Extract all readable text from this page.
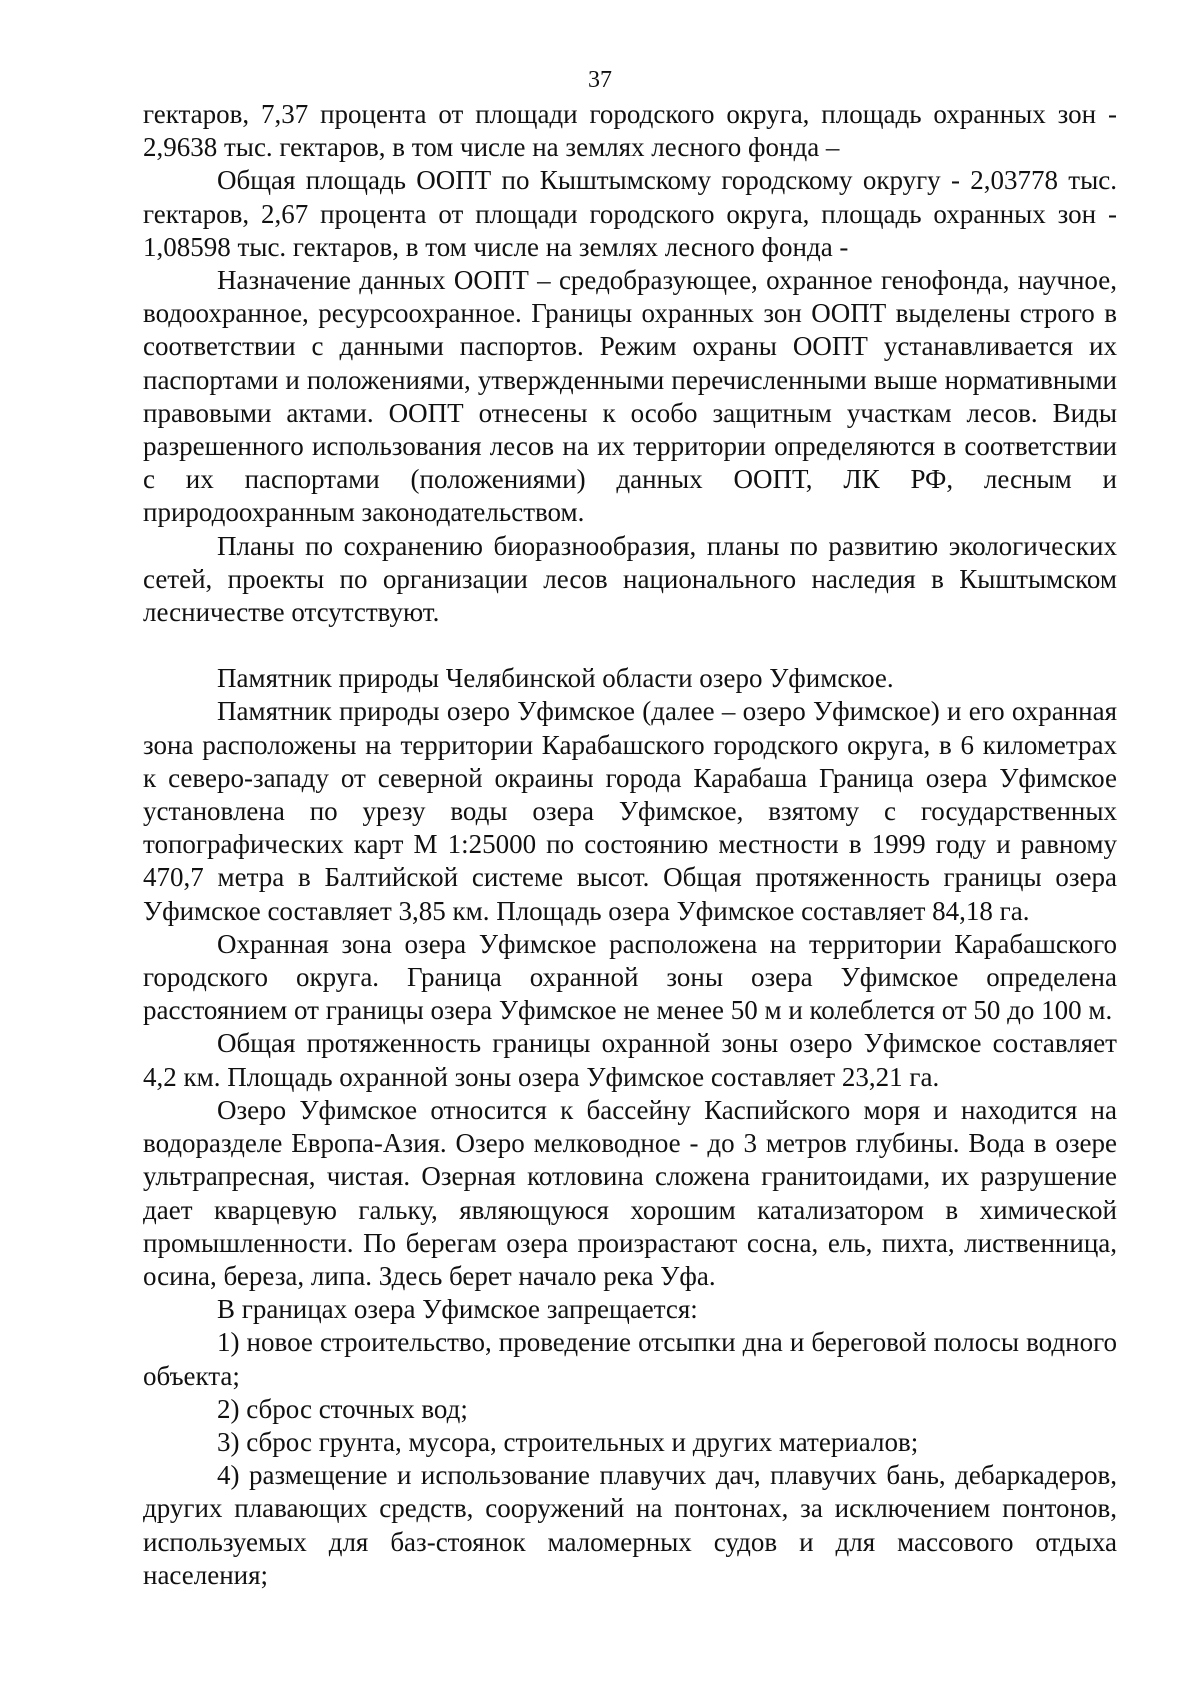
37

гектаров, 7,37 процента от площади городского округа, площадь охранных зон - 2,9638 тыс. гектаров, в том числе на землях лесного фонда –

Общая площадь ООПТ по Кыштымскому городскому округу - 2,03778 тыс. гектаров, 2,67 процента от площади городского округа, площадь охранных зон - 1,08598 тыс. гектаров, в том числе на землях лесного фонда -

Назначение данных ООПТ – средобразующее, охранное генофонда, научное, водоохранное, ресурсоохранное. Границы охранных зон ООПТ выделены строго в соответствии с данными паспортов. Режим охраны ООПТ устанавливается их паспортами и положениями, утвержденными перечисленными выше нормативными правовыми актами. ООПТ отнесены к особо защитным участкам лесов. Виды разрешенного использования лесов на их территории определяются в соответствии с их паспортами (положениями) данных ООПТ, ЛК РФ, лесным и природоохранным законодательством.

Планы по сохранению биоразнообразия, планы по развитию экологических сетей, проекты по организации лесов национального наследия в Кыштымском лесничестве отсутствуют.

Памятник природы Челябинской области озеро Уфимское.

Памятник природы озеро Уфимское (далее – озеро Уфимское) и его охранная зона расположены на территории Карабашского городского округа, в 6 километрах к северо-западу от северной окраины города Карабаша Граница озера Уфимское установлена по урезу воды озера Уфимское, взятому с государственных топографических карт М 1:25000 по состоянию местности в 1999 году и равному 470,7 метра в Балтийской системе высот. Общая протяженность границы озера Уфимское составляет 3,85 км. Площадь озера Уфимское составляет 84,18 га.

Охранная зона озера Уфимское расположена на территории Карабашского городского округа. Граница охранной зоны озера Уфимское определена расстоянием от границы озера Уфимское не менее 50 м и колеблется от 50 до 100 м.

Общая протяженность границы охранной зоны озеро Уфимское составляет 4,2 км. Площадь охранной зоны озера Уфимское составляет 23,21 га.

Озеро Уфимское относится к бассейну Каспийского моря и находится на водоразделе Европа-Азия. Озеро мелководное - до 3 метров глубины. Вода в озере ультрапресная, чистая. Озерная котловина сложена гранитоидами, их разрушение дает кварцевую гальку, являющуюся хорошим катализатором в химической промышленности. По берегам озера произрастают сосна, ель, пихта, лиственница, осина, береза, липа. Здесь берет начало река Уфа.

В границах озера Уфимское запрещается:

1) новое строительство, проведение отсыпки дна и береговой полосы водного объекта;

2) сброс сточных вод;

3) сброс грунта, мусора, строительных и других материалов;

4) размещение и использование плавучих дач, плавучих бань, дебаркадеров, других плавающих средств, сооружений на понтонах, за исключением понтонов, используемых для баз-стоянок маломерных судов и для массового отдыха населения;
